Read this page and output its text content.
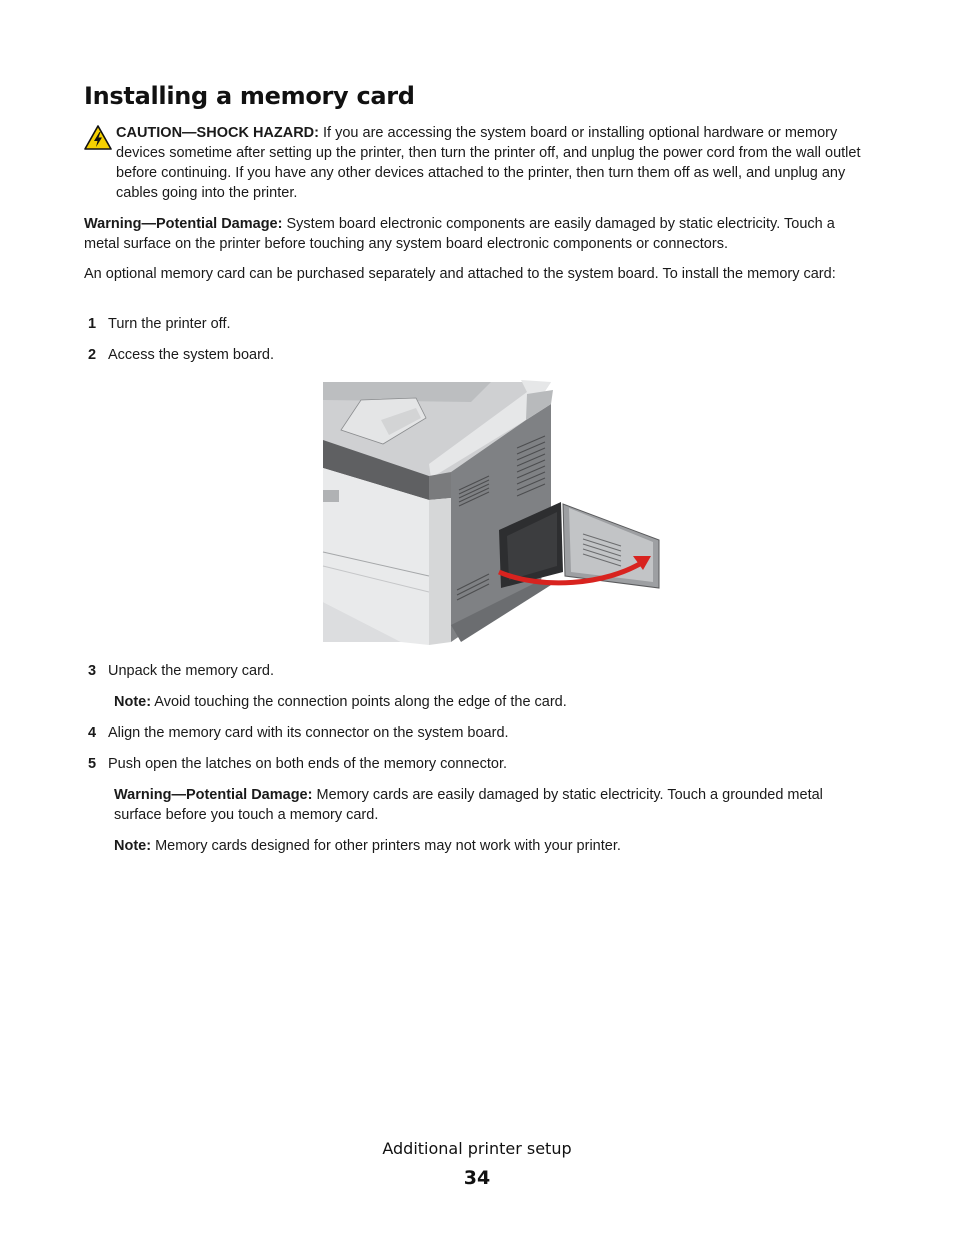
Installing a memory card

CAUTION—SHOCK HAZARD: If you are accessing the system board or installing optional hardware or memory devices sometime after setting up the printer, then turn the printer off, and unplug the power cord from the wall outlet before continuing. If you have any other devices attached to the printer, then turn them off as well, and unplug any cables going into the printer.

Warning—Potential Damage: System board electronic components are easily damaged by static electricity. Touch a metal surface on the printer before touching any system board electronic components or connectors.

An optional memory card can be purchased separately and attached to the system board. To install the memory card:

1 Turn the printer off.

2 Access the system board.

3 Unpack the memory card.

Note: Avoid touching the connection points along the edge of the card.

4 Align the memory card with its connector on the system board.

5 Push open the latches on both ends of the memory connector.

Warning—Potential Damage: Memory cards are easily damaged by static electricity. Touch a grounded metal surface before you touch a memory card.

Note: Memory cards designed for other printers may not work with your printer.

Additional printer setup
34
